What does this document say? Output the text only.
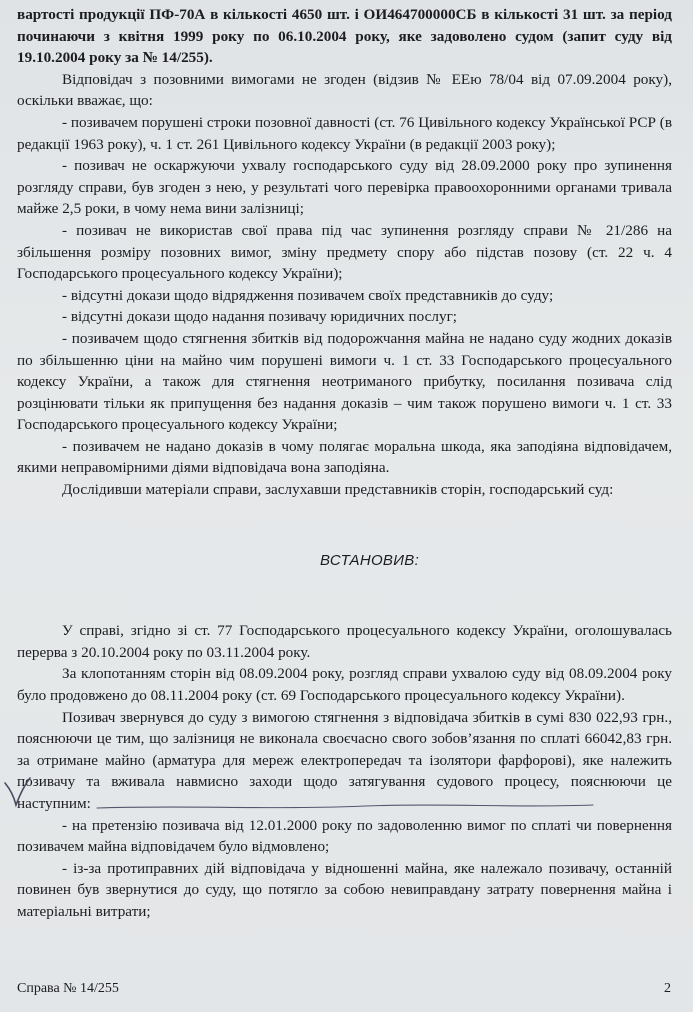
вартості продукції ПФ-70А в кількості 4650 шт. і ОИ464700000СБ в кількості 31 шт. за період починаючи з квітня 1999 року по 06.10.2004 року, яке задоволено судом (запит суду від 19.10.2004 року за № 14/255).

Відповідач з позовними вимогами не згоден (відзив № ЕЕю 78/04 від 07.09.2004 року), оскільки вважає, що:

- позивачем порушені строки позовної давності (ст. 76 Цивільного кодексу Української РСР (в редакції 1963 року), ч. 1 ст. 261 Цивільного кодексу України (в редакції 2003 року);

- позивач не оскаржуючи ухвалу господарського суду від 28.09.2000 року про зупинення розгляду справи, був згоден з нею, у результаті чого перевірка правоохоронними органами тривала майже 2,5 роки, в чому нема вини залізниці;

- позивач не використав свої права під час зупинення розгляду справи № 21/286 на збільшення розміру позовних вимог, зміну предмету спору або підстав позову (ст. 22 ч. 4 Господарського процесуального кодексу України);

- відсутні докази щодо відрядження позивачем своїх представників до суду;

- відсутні докази щодо надання позивачу юридичних послуг;

- позивачем щодо стягнення збитків від подорожчання майна не надано суду жодних доказів по збільшенню ціни на майно чим порушені вимоги ч. 1 ст. 33 Господарського процесуального кодексу України, а також для стягнення неотриманого прибутку, посилання позивача слід розцінювати тільки як припущення без надання доказів – чим також порушено вимоги ч. 1 ст. 33 Господарського процесуального кодексу України;

- позивачем не надано доказів в чому полягає моральна шкода, яка заподіяна відповідачем, якими неправомірними діями відповідача вона заподіяна.

Дослідивши матеріали справи, заслухавши представників сторін, господарський суд:

ВСТАНОВИВ:

У справі, згідно зі ст. 77 Господарського процесуального кодексу України, оголошувалась перерва з 20.10.2004 року по 03.11.2004 року.

За клопотанням сторін від 08.09.2004 року, розгляд справи ухвалою суду від 08.09.2004 року було продовжено до 08.11.2004 року (ст. 69 Господарського процесуального кодексу України).

Позивач звернувся до суду з вимогою стягнення з відповідача збитків в сумі 830 022,93 грн., пояснюючи це тим, що залізниця не виконала своєчасно свого зобов’язання по сплаті 66042,83 грн. за отримане майно (арматура для мереж електропередач та ізолятори фарфорові), яке належить позивачу та вживала навмисно заходи щодо затягування судового процесу, пояснюючи це наступним:

- на претензію позивача від 12.01.2000 року по задоволенню вимог по сплаті чи повернення позивачем майна відповідачем було відмовлено;

- із-за протиправних дій відповідача у відношенні майна, яке належало позивачу, останній повинен був звернутися до суду, що потягло за собою невиправдану затрату повернення майна і матеріальні витрати;

Справа № 14/255	2
